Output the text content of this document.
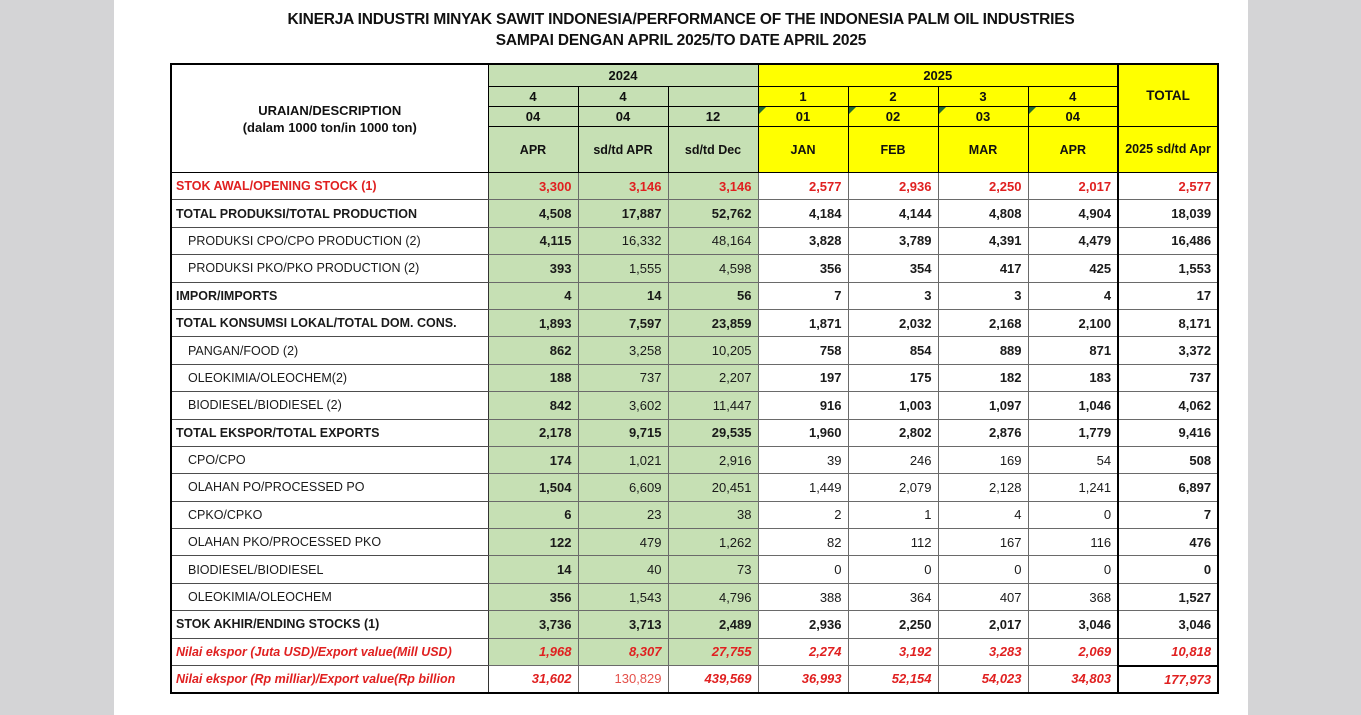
KINERJA INDUSTRI MINYAK SAWIT INDONESIA/PERFORMANCE OF THE INDONESIA PALM OIL INDUSTRIES
SAMPAI DENGAN APRIL 2025/TO DATE APRIL 2025
URAIAN/DESCRIPTION
(dalam 1000 ton/in 1000 ton)	2024			2025				TOTAL
	4	4		1	2	3	4	
	04	04	12	01	02	03	04	
	APR	sd/td APR	sd/td Dec	JAN	FEB	MAR	APR	2025 sd/td Apr
STOK AWAL/OPENING STOCK (1)	3,300	3,146	3,146	2,577	2,936	2,250	2,017	2,577
TOTAL PRODUKSI/TOTAL PRODUCTION	4,508	17,887	52,762	4,184	4,144	4,808	4,904	18,039
PRODUKSI CPO/CPO PRODUCTION (2)	4,115	16,332	48,164	3,828	3,789	4,391	4,479	16,486
PRODUKSI PKO/PKO PRODUCTION (2)	393	1,555	4,598	356	354	417	425	1,553
IMPOR/IMPORTS	4	14	56	7	3	3	4	17
TOTAL KONSUMSI LOKAL/TOTAL DOM. CONS.	1,893	7,597	23,859	1,871	2,032	2,168	2,100	8,171
PANGAN/FOOD (2)	862	3,258	10,205	758	854	889	871	3,372
OLEOKIMIA/OLEOCHEM(2)	188	737	2,207	197	175	182	183	737
BIODIESEL/BIODIESEL (2)	842	3,602	11,447	916	1,003	1,097	1,046	4,062
TOTAL EKSPOR/TOTAL EXPORTS	2,178	9,715	29,535	1,960	2,802	2,876	1,779	9,416
CPO/CPO	174	1,021	2,916	39	246	169	54	508
OLAHAN PO/PROCESSED PO	1,504	6,609	20,451	1,449	2,079	2,128	1,241	6,897
CPKO/CPKO	6	23	38	2	1	4	0	7
OLAHAN PKO/PROCESSED PKO	122	479	1,262	82	112	167	116	476
BIODIESEL/BIODIESEL	14	40	73	0	0	0	0	0
OLEOKIMIA/OLEOCHEM	356	1,543	4,796	388	364	407	368	1,527
STOK AKHIR/ENDING STOCKS (1)	3,736	3,713	2,489	2,936	2,250	2,017	3,046	3,046
Nilai ekspor (Juta USD)/Export value(Mill USD)	1,968	8,307	27,755	2,274	3,192	3,283	2,069	10,818
Nilai ekspor (Rp milliar)/Export value(Rp billion	31,602	130,829	439,569	36,993	52,154	54,023	34,803	177,973
